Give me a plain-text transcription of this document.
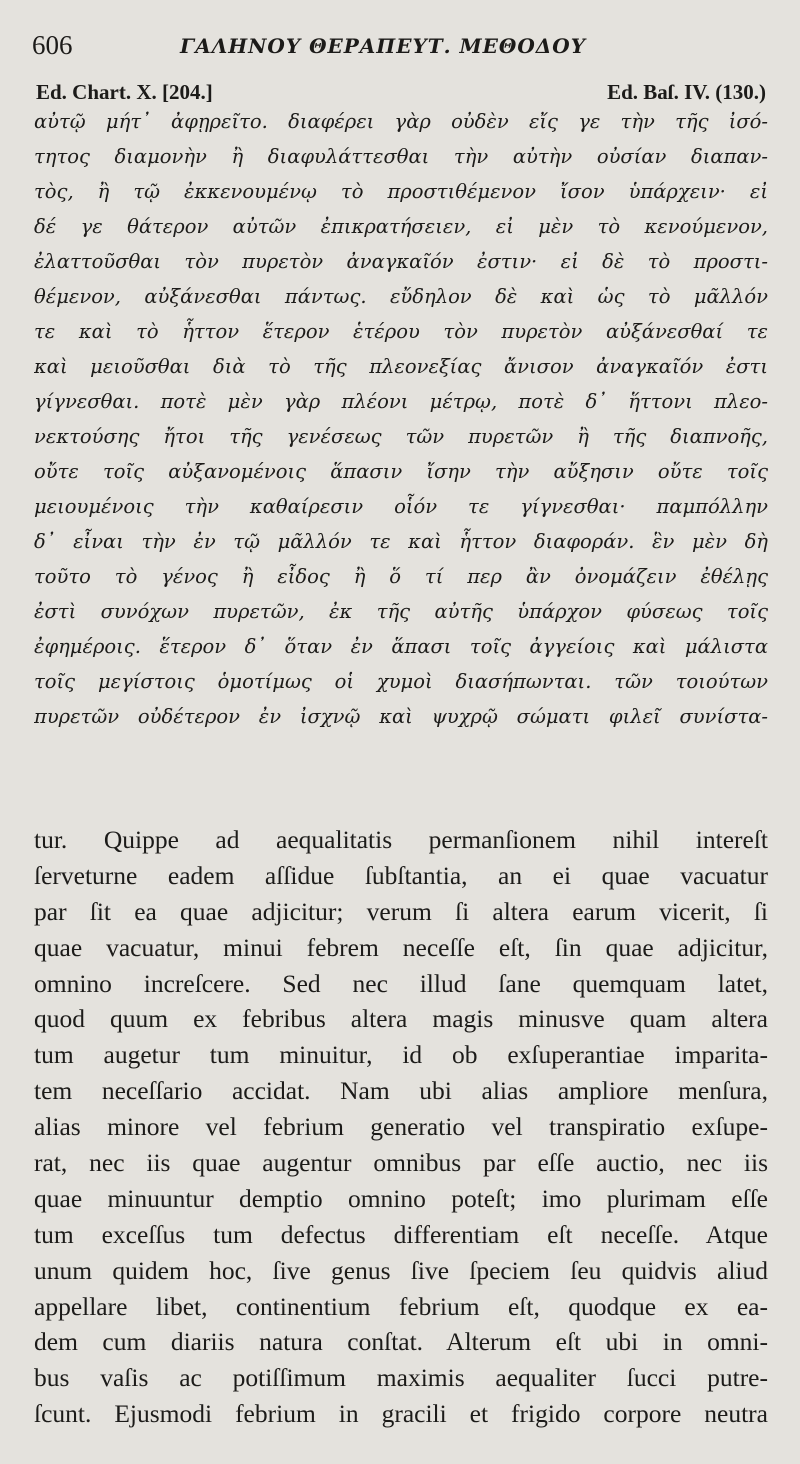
606	ΓΑΛΗΝΟΥ ΘΕΡΑΠΕΥΤ. ΜΕΘΟΔΟΥ
Ed. Chart. X. [204.]	Ed. Baſ. IV. (130.)
αὐτῷ μήτ᾽ ἀφῃρεῖτο. διαφέρει γὰρ οὐδὲν εἴς γε τὴν τῆς ἰσό-
τητος διαμονὴν ἢ διαφυλάττεσθαι τὴν αὐτὴν οὐσίαν διαπαν-
τὸς, ἢ τῷ ἐκκενουμένῳ τὸ προστιθέμενον ἴσον ὑπάρχειν· εἰ
δέ γε θάτερον αὐτῶν ἐπικρατήσειεν, εἰ μὲν τὸ κενούμενον,
ἐλαττοῦσθαι τὸν πυρετὸν ἀναγκαῖόν ἐστιν· εἰ δὲ τὸ προστι-
θέμενον, αὐξάνεσθαι πάντως. εὔδηλον δὲ καὶ ὡς τὸ μᾶλλόν
τε καὶ τὸ ἧττον ἕτερον ἑτέρου τὸν πυρετὸν αὐξάνεσθαί τε
καὶ μειοῦσθαι διὰ τὸ τῆς πλεονεξίας ἄνισον ἀναγκαῖόν ἐστι
γίγνεσθαι. ποτὲ μὲν γὰρ πλέονι μέτρῳ, ποτὲ δ᾽ ἥττονι πλεο-
νεκτούσης ἤτοι τῆς γενέσεως τῶν πυρετῶν ἢ τῆς διαπνοῆς,
οὔτε τοῖς αὐξανομένοις ἅπασιν ἴσην τὴν αὔξησιν οὔτε τοῖς
μειουμένοις τὴν καθαίρεσιν οἷόν τε γίγνεσθαι· παμπόλλην
δ᾽ εἶναι τὴν ἐν τῷ μᾶλλόν τε καὶ ἧττον διαφοράν. ἓν μὲν δὴ
τοῦτο τὸ γένος ἢ εἶδος ἢ ὅ τί περ ἂν ὀνομάζειν ἐθέλῃς
ἐστὶ συνόχων πυρετῶν, ἐκ τῆς αὐτῆς ὑπάρχον φύσεως τοῖς
ἐφημέροις. ἕτερον δ᾽ ὅταν ἐν ἅπασι τοῖς ἀγγείοις καὶ μάλιστα
τοῖς μεγίστοις ὁμοτίμως οἱ χυμοὶ διασήπωνται. τῶν τοιούτων
πυρετῶν οὐδέτερον ἐν ἰσχνῷ καὶ ψυχρῷ σώματι φιλεῖ συνίστα-
tur. Quippe ad aequalitatis permanſionem nihil intereſt
ſerveturne eadem aſſidue ſubſtantia, an ei quae vacuatur
par ſit ea quae adjicitur; verum ſi altera earum vicerit, ſi
quae vacuatur, minui febrem neceſſe eſt, ſin quae adjicitur,
omnino increſcere. Sed nec illud ſane quemquam latet,
quod quum ex febribus altera magis minusve quam altera
tum augetur tum minuitur, id ob exſuperantiae imparita-
tem neceſſario accidat. Nam ubi alias ampliore menſura,
alias minore vel febrium generatio vel transpiratio exſupe-
rat, nec iis quae augentur omnibus par eſſe auctio, nec iis
quae minuuntur demptio omnino poteſt; imo plurimam eſſe
tum exceſſus tum defectus differentiam eſt neceſſe. Atque
unum quidem hoc, ſive genus ſive ſpeciem ſeu quidvis aliud
appellare libet, continentium febrium eſt, quodque ex ea-
dem cum diariis natura conſtat. Alterum eſt ubi in omni-
bus vaſis ac potiſſimum maximis aequaliter ſucci putre-
ſcunt. Ejusmodi febrium in gracili et frigido corpore neutra
